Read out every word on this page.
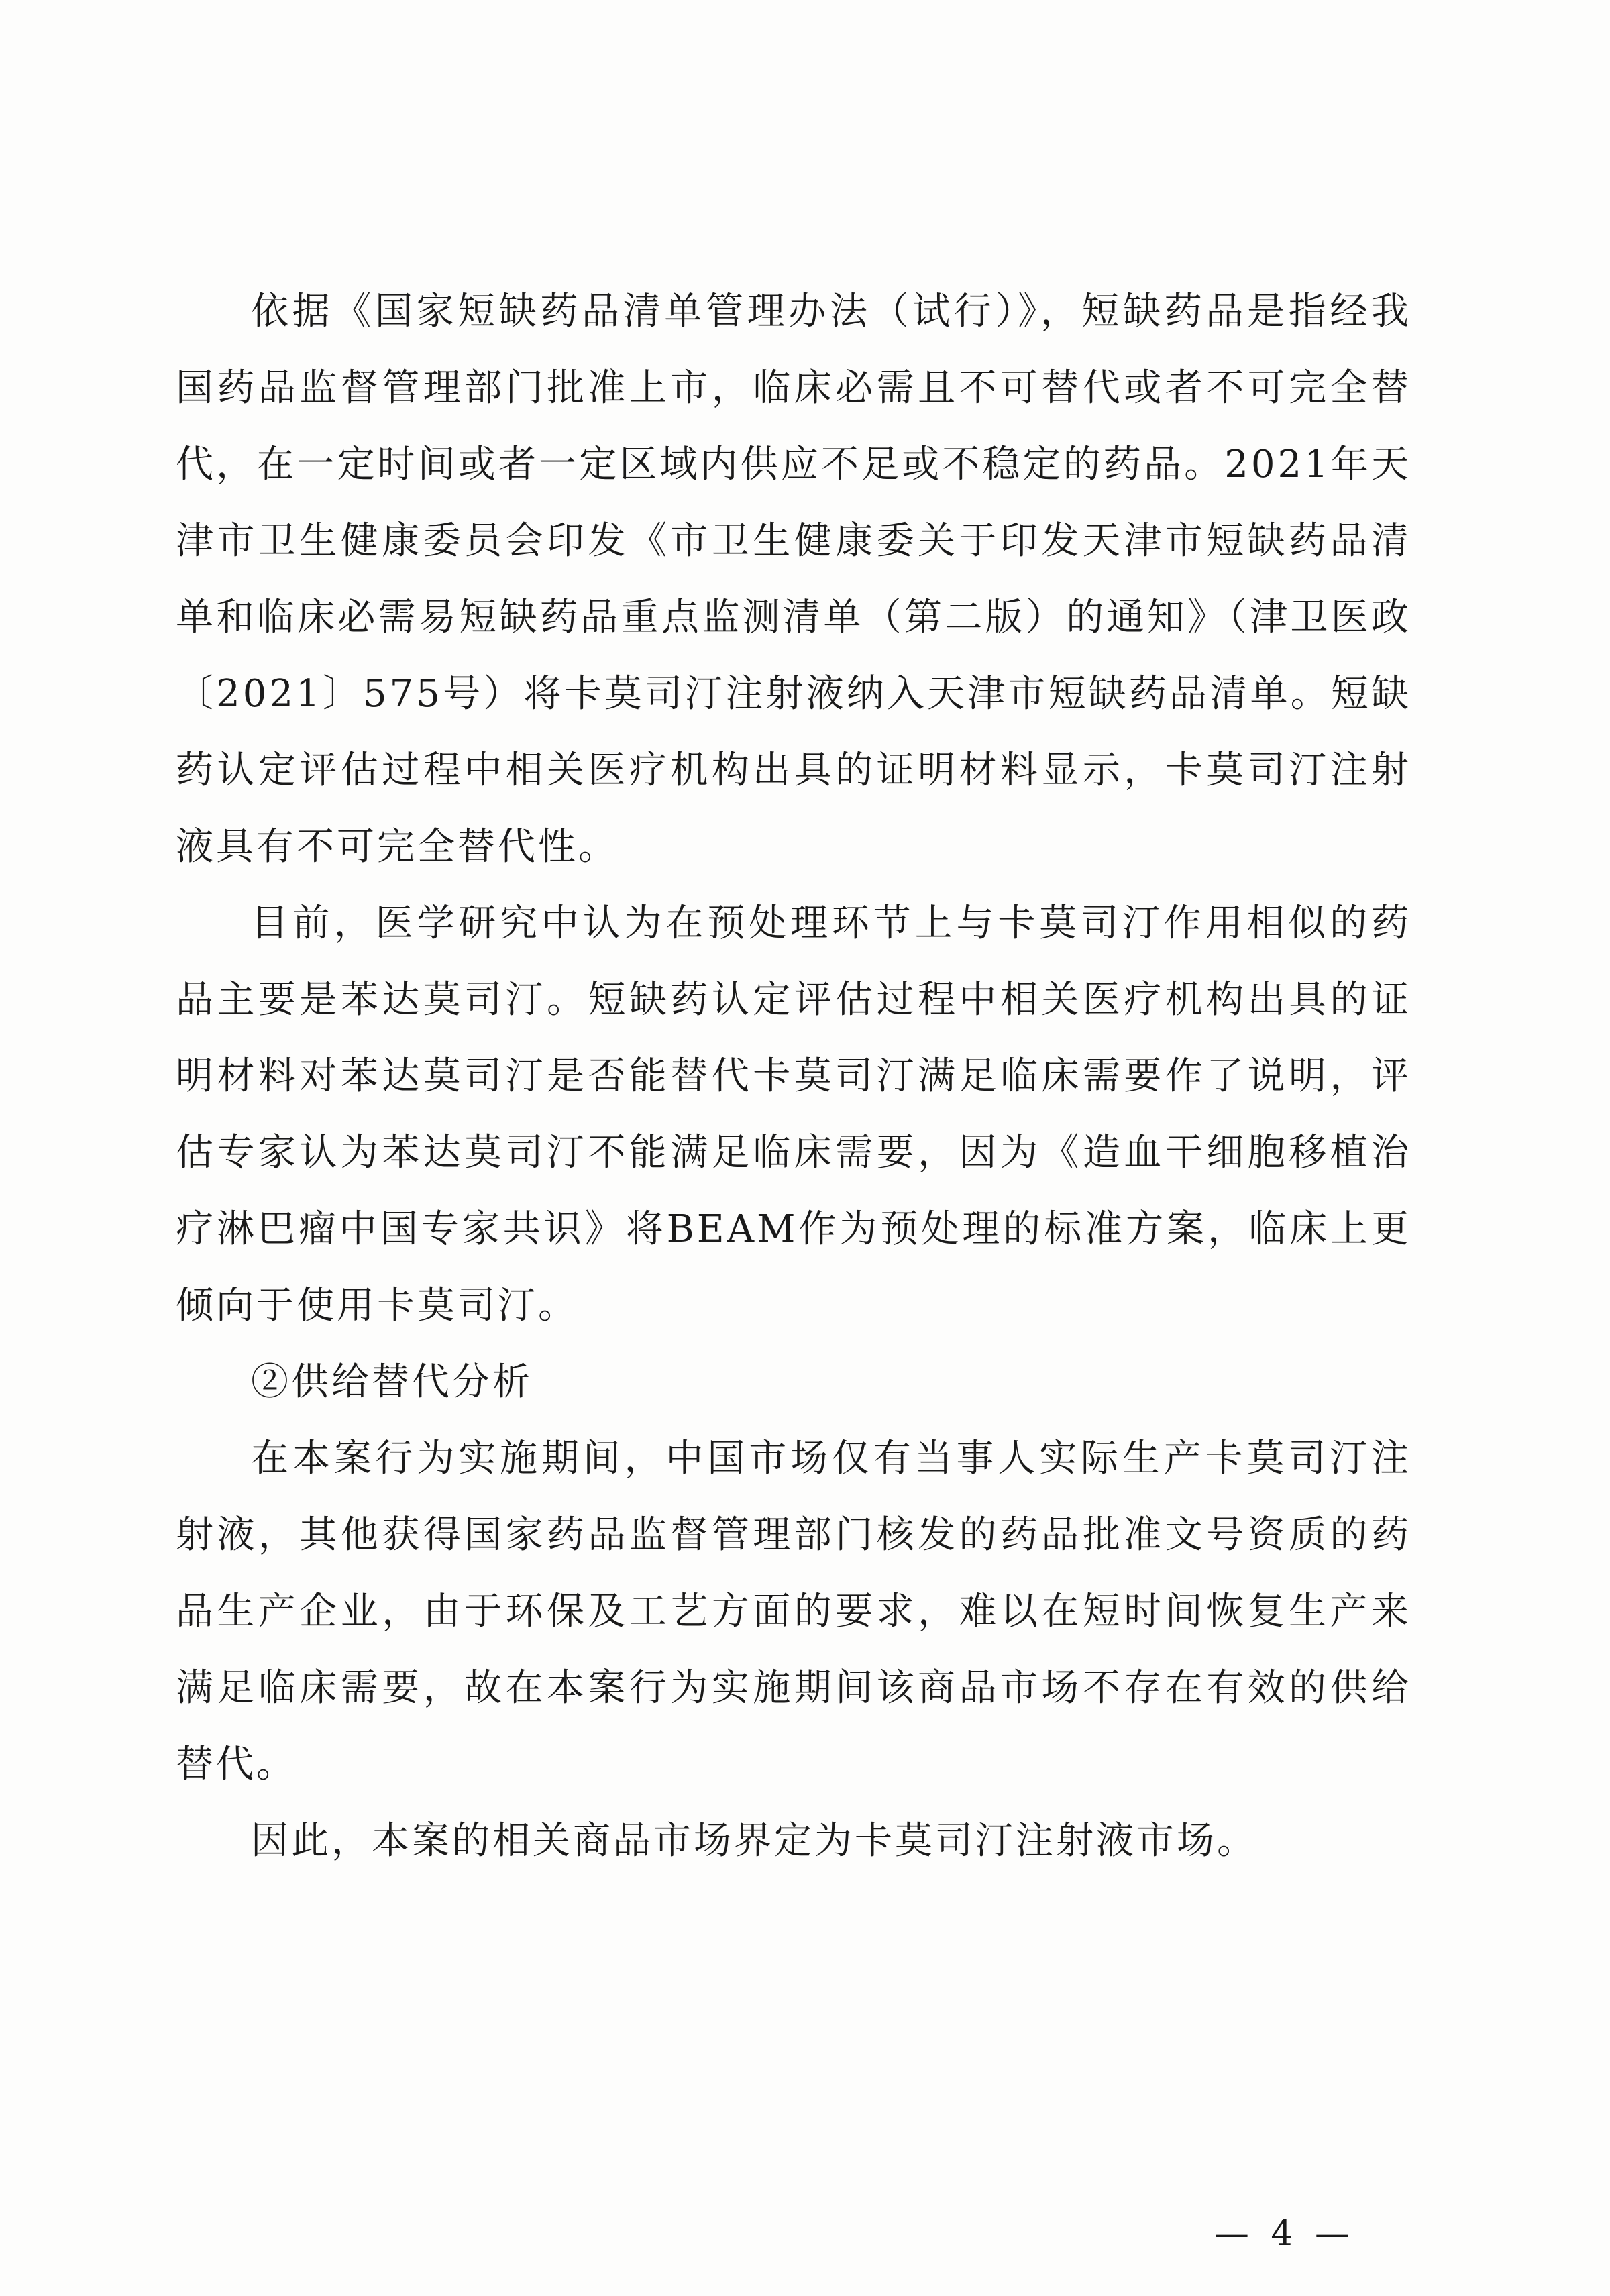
依据《国家短缺药品清单管理办法（试行）》，短缺药品是指经我国药品监督管理部门批准上市，临床必需且不可替代或者不可完全替代，在一定时间或者一定区域内供应不足或不稳定的药品。2021年天津市卫生健康委员会印发《市卫生健康委关于印发天津市短缺药品清单和临床必需易短缺药品重点监测清单（第二版）的通知》（津卫医政〔2021〕575号）将卡莫司汀注射液纳入天津市短缺药品清单。短缺药认定评估过程中相关医疗机构出具的证明材料显示，卡莫司汀注射液具有不可完全替代性。

目前，医学研究中认为在预处理环节上与卡莫司汀作用相似的药品主要是苯达莫司汀。短缺药认定评估过程中相关医疗机构出具的证明材料对苯达莫司汀是否能替代卡莫司汀满足临床需要作了说明，评估专家认为苯达莫司汀不能满足临床需要，因为《造血干细胞移植治疗淋巴瘤中国专家共识》将BEAM作为预处理的标准方案，临床上更倾向于使用卡莫司汀。

②供给替代分析

在本案行为实施期间，中国市场仅有当事人实际生产卡莫司汀注射液，其他获得国家药品监督管理部门核发的药品批准文号资质的药品生产企业，由于环保及工艺方面的要求，难以在短时间恢复生产来满足临床需要，故在本案行为实施期间该商品市场不存在有效的供给替代。

因此，本案的相关商品市场界定为卡莫司汀注射液市场。

— 4 —
